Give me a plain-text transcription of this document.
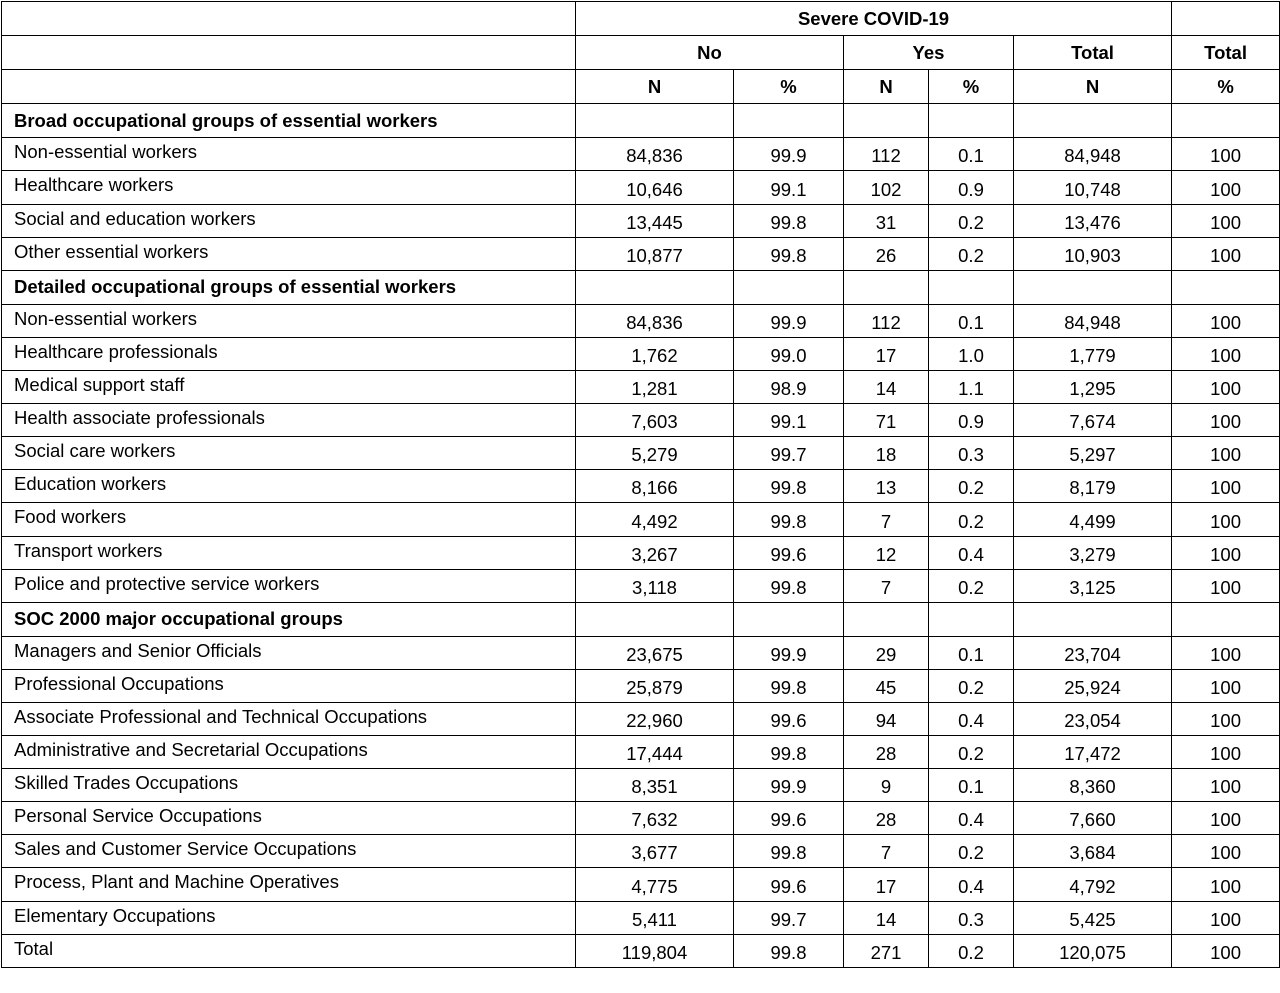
	Severe COVID-19					
	No		Yes		Total	Total
	N	%	N	%	N	%
Broad occupational groups of essential workers						
Non-essential workers	84,836	99.9	112	0.1	84,948	100
Healthcare workers	10,646	99.1	102	0.9	10,748	100
Social and education workers	13,445	99.8	31	0.2	13,476	100
Other essential workers	10,877	99.8	26	0.2	10,903	100
Detailed occupational groups of essential workers						
Non-essential workers	84,836	99.9	112	0.1	84,948	100
Healthcare professionals	1,762	99.0	17	1.0	1,779	100
Medical support staff	1,281	98.9	14	1.1	1,295	100
Health associate professionals	7,603	99.1	71	0.9	7,674	100
Social care workers	5,279	99.7	18	0.3	5,297	100
Education workers	8,166	99.8	13	0.2	8,179	100
Food workers	4,492	99.8	7	0.2	4,499	100
Transport workers	3,267	99.6	12	0.4	3,279	100
Police and protective service workers	3,118	99.8	7	0.2	3,125	100
SOC 2000 major occupational groups						
Managers and Senior Officials	23,675	99.9	29	0.1	23,704	100
Professional Occupations	25,879	99.8	45	0.2	25,924	100
Associate Professional and Technical Occupations	22,960	99.6	94	0.4	23,054	100
Administrative and Secretarial Occupations	17,444	99.8	28	0.2	17,472	100
Skilled Trades Occupations	8,351	99.9	9	0.1	8,360	100
Personal Service Occupations	7,632	99.6	28	0.4	7,660	100
Sales and Customer Service Occupations	3,677	99.8	7	0.2	3,684	100
Process, Plant and Machine Operatives	4,775	99.6	17	0.4	4,792	100
Elementary Occupations	5,411	99.7	14	0.3	5,425	100
Total	119,804	99.8	271	0.2	120,075	100
